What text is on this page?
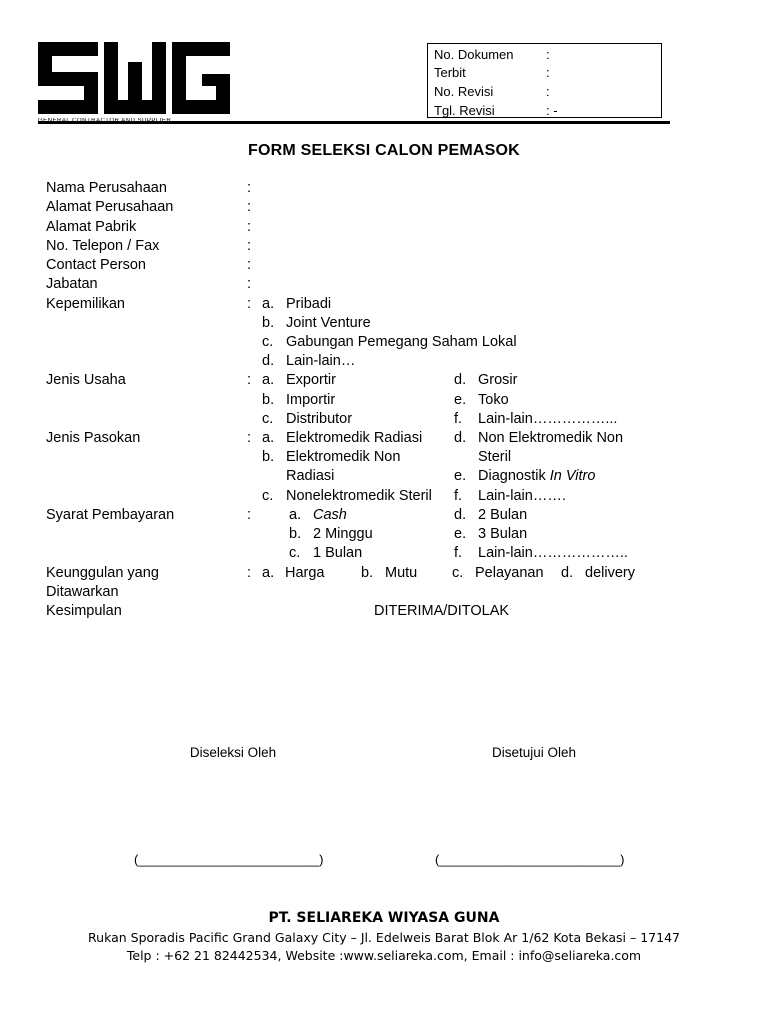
No. Dokumen	:
Terbit	:
No. Revisi	:
Tgl. Revisi	: -
FORM SELEKSI CALON PEMASOK
Nama Perusahaan	:
Alamat Perusahaan	:
Alamat Pabrik	:
No. Telepon / Fax	:
Contact Person	:
Jabatan	:
Kepemilikan	: a. Pribadi
b. Joint Venture
c. Gabungan Pemegang Saham Lokal
d. Lain-lain…
Jenis Usaha	: a. Exportir
b. Importir
c. Distributor
d. Grosir
e. Toko
f. Lain-lain……………...
Jenis Pasokan	: a. Elektromedik Radiasi
b. Elektromedik Non
Radiasi
c. Nonelektromedik Steril
d. Non Elektromedik Non
Steril
e. Diagnostik In Vitro
f. Lain-lain…….
Syarat Pembayaran	:	a. Cash
b. 2 Minggu
c. 1 Bulan
d. 2 Bulan
e. 3 Bulan
f. Lain-lain………………..
Keunggulan yang
Ditawarkan
: a. Harga	b. Mutu c. Pelayanan d. delivery
Kesimpulan	DITERIMA/DITOLAK
Diseleksi Oleh	Disetujui Oleh
(_________________________)	(_________________________)
PT. SELIAREKA WIYASA GUNA
Rukan Sporadis Pacific Grand Galaxy City – Jl. Edelweis Barat Blok Ar 1/62 Kota Bekasi – 17147
Telp : +62 21 82442534, Website :www.seliareka.com, Email : info@seliareka.com
